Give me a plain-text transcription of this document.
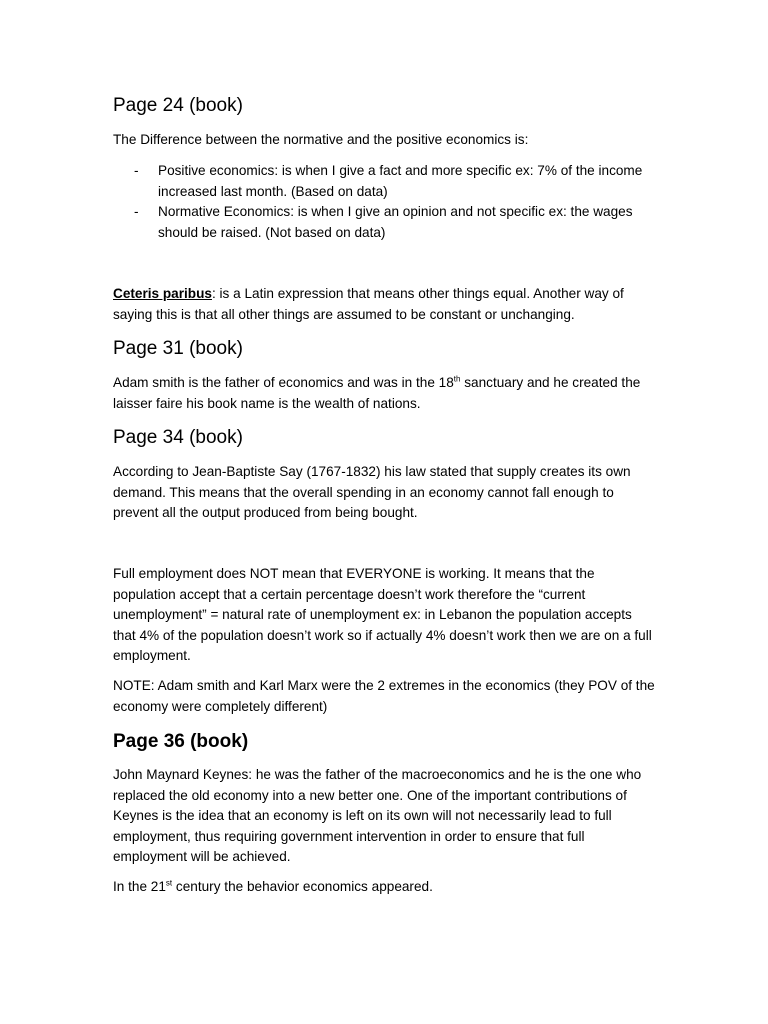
Page 24 (book)

The Difference between the normative and the positive economics is:

- Positive economics: is when I give a fact and more specific ex: 7% of the income increased last month. (Based on data)
- Normative Economics: is when I give an opinion and not specific ex: the wages should be raised. (Not based on data)

Ceteris paribus: is a Latin expression that means other things equal. Another way of saying this is that all other things are assumed to be constant or unchanging.

Page 31 (book)

Adam smith is the father of economics and was in the 18th sanctuary and he created the laisser faire his book name is the wealth of nations.

Page 34 (book)

According to Jean-Baptiste Say (1767-1832) his law stated that supply creates its own demand. This means that the overall spending in an economy cannot fall enough to prevent all the output produced from being bought.

Full employment does NOT mean that EVERYONE is working. It means that the population accept that a certain percentage doesn’t work therefore the “current unemployment” = natural rate of unemployment ex: in Lebanon the population accepts that 4% of the population doesn’t work so if actually 4% doesn’t work then we are on a full employment.

NOTE: Adam smith and Karl Marx were the 2 extremes in the economics (they POV of the economy were completely different)

Page 36 (book)

John Maynard Keynes: he was the father of the macroeconomics and he is the one who replaced the old economy into a new better one. One of the important contributions of Keynes is the idea that an economy is left on its own will not necessarily lead to full employment, thus requiring government intervention in order to ensure that full employment will be achieved.

In the 21st century the behavior economics appeared.
